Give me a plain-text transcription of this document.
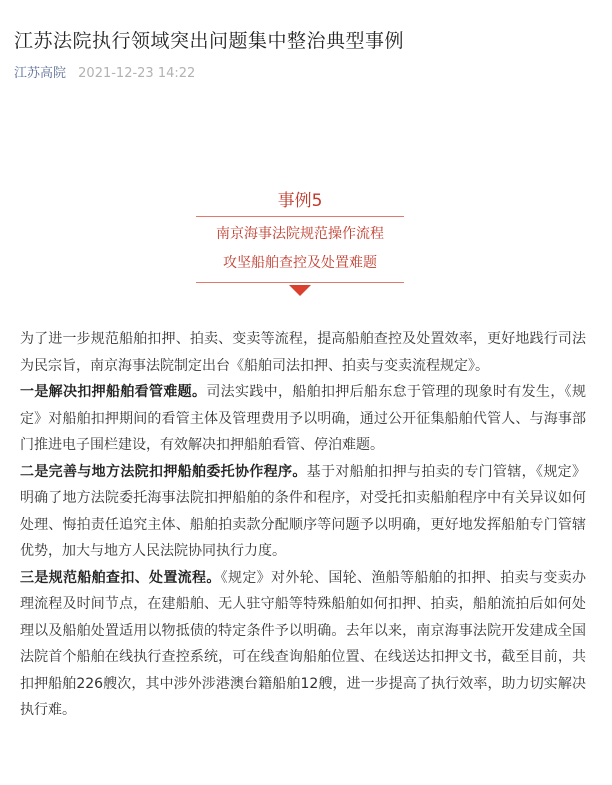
江苏法院执行领域突出问题集中整治典型事例
江苏高院 2021-12-23 14:22
事例5
南京海事法院规范操作流程
攻坚船舶查控及处置难题

为了进一步规范船舶扣押、拍卖、变卖等流程，提高船舶查控及处置效率，更好地践行司法为民宗旨，南京海事法院制定出台《船舶司法扣押、拍卖与变卖流程规定》。

一是解决扣押船舶看管难题。司法实践中，船舶扣押后船东怠于管理的现象时有发生，《规定》对船舶扣押期间的看管主体及管理费用予以明确，通过公开征集船舶代管人、与海事部门推进电子围栏建设，有效解决扣押船舶看管、停泊难题。

二是完善与地方法院扣押船舶委托协作程序。基于对船舶扣押与拍卖的专门管辖，《规定》明确了地方法院委托海事法院扣押船舶的条件和程序，对受托扣卖船舶程序中有关异议如何处理、悔拍责任追究主体、船舶拍卖款分配顺序等问题予以明确，更好地发挥船舶专门管辖优势，加大与地方人民法院协同执行力度。

三是规范船舶查扣、处置流程。《规定》对外轮、国轮、渔船等船舶的扣押、拍卖与变卖办理流程及时间节点，在建船舶、无人驻守船等特殊船舶如何扣押、拍卖，船舶流拍后如何处理以及船舶处置适用以物抵债的特定条件予以明确。去年以来，南京海事法院开发建成全国法院首个船舶在线执行查控系统，可在线查询船舶位置、在线送达扣押文书，截至目前，共扣押船舶226艘次，其中涉外涉港澳台籍船舶12艘，进一步提高了执行效率，助力切实解决执行难。
